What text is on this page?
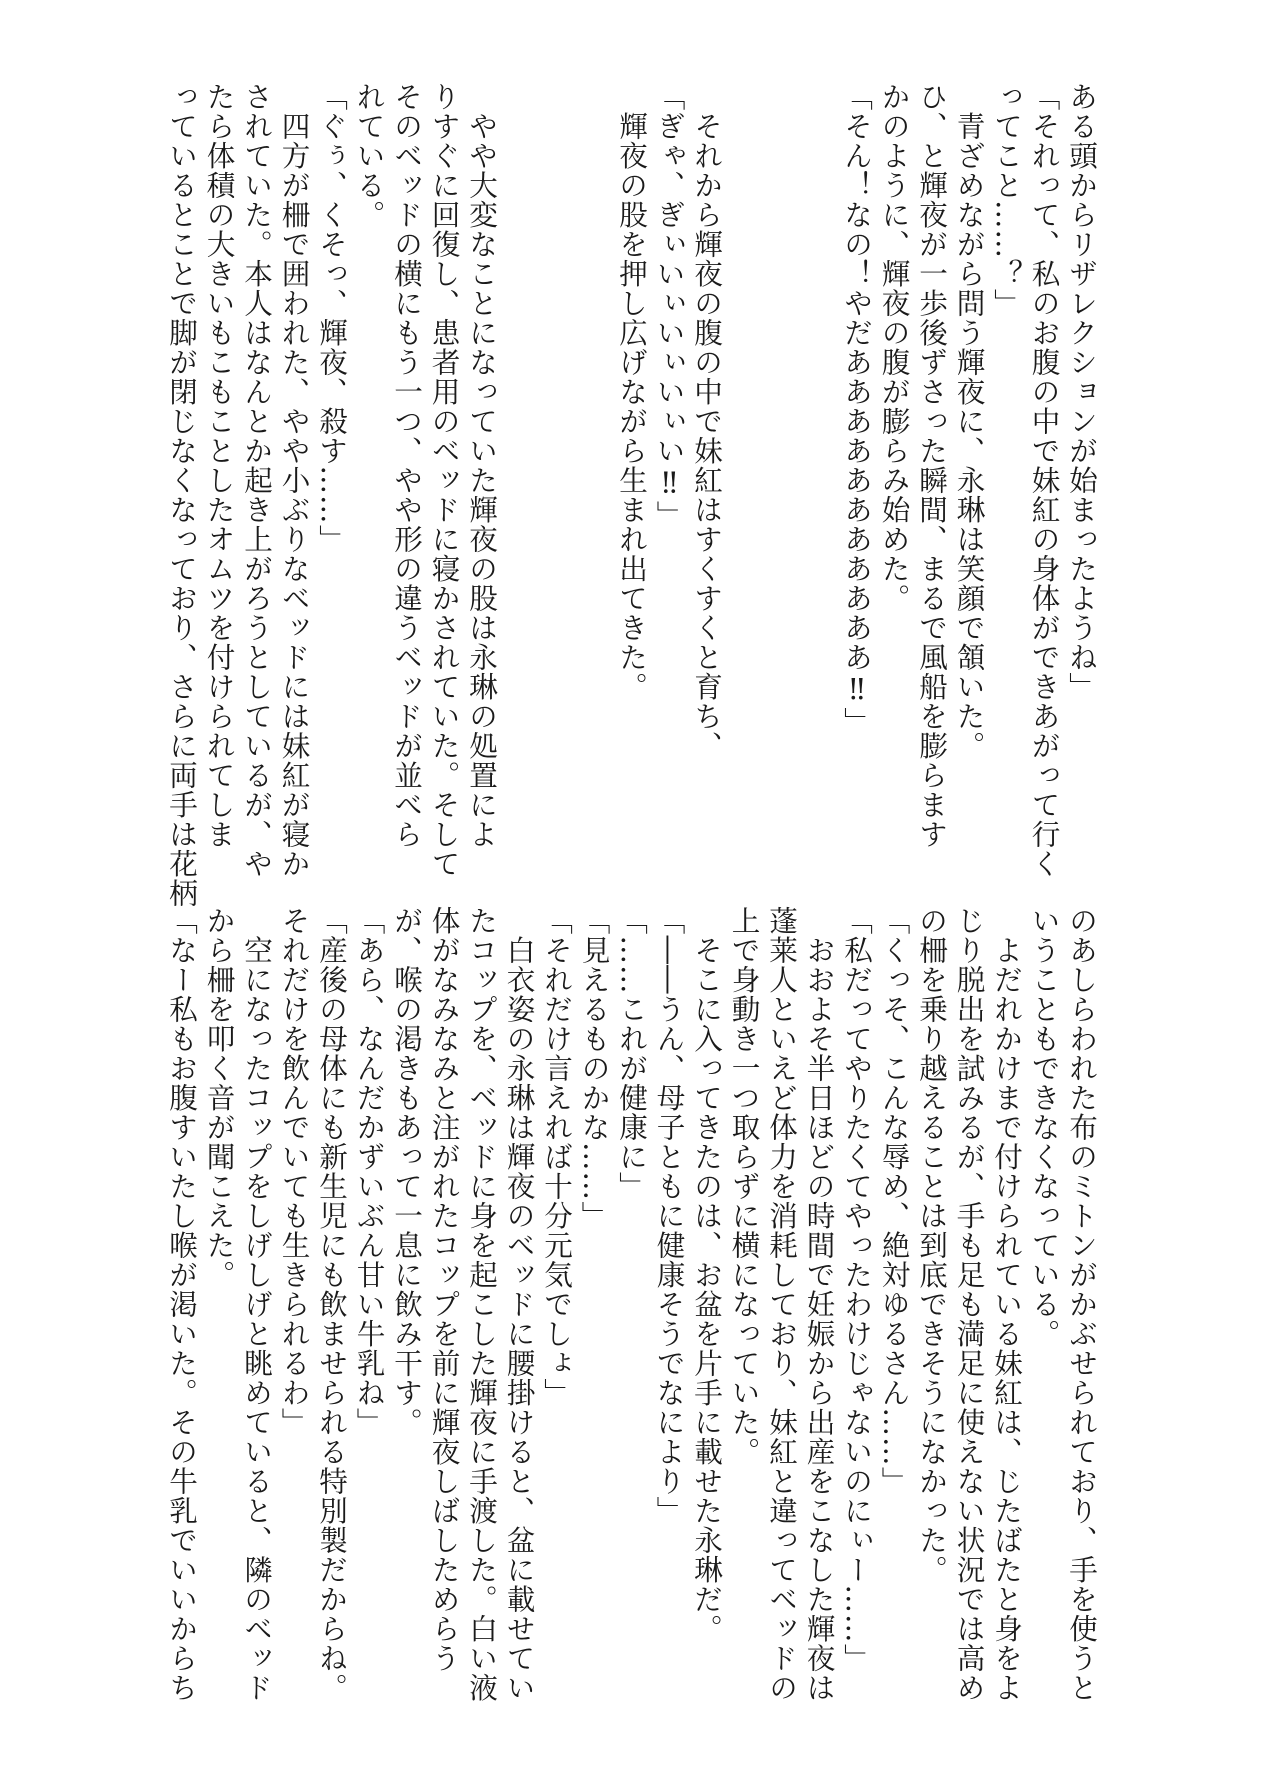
ある頭からリザレクションが始まったようね」

「それって、私のお腹の中で妹紅の身体ができあがって行く

ってこと……？」

　青ざめながら問う輝夜に、永琳は笑顔で頷いた。

ひ、と輝夜が一歩後ずさった瞬間、まるで風船を膨らます

かのように、輝夜の腹が膨らみ始めた。

「そん！なの！やだあああああああああああ‼」

　それから輝夜の腹の中で妹紅はすくすくと育ち、

「ぎゃ、ぎぃいぃいぃいぃい‼」

　輝夜の股を押し広げながら生まれ出てきた。

　やや大変なことになっていた輝夜の股は永琳の処置によ

りすぐに回復し、患者用のベッドに寝かされていた。そして

そのベッドの横にもう一つ、やや形の違うベッドが並べら

れている。

「ぐぅ、くそっ、輝夜、殺す……」

　四方が柵で囲われた、やや小ぶりなベッドには妹紅が寝か

されていた。本人はなんとか起き上がろうとしているが、や

たら体積の大きいもこもことしたオムツを付けられてしま

っているとことで脚が閉じなくなっており、さらに両手は花柄

のあしらわれた布のミトンがかぶせられており、手を使うと

いうこともできなくなっている。

　よだれかけまで付けられている妹紅は、じたばたと身をよ

じり脱出を試みるが、手も足も満足に使えない状況では高め

の柵を乗り越えることは到底できそうになかった。

「くっそ、こんな辱め、絶対ゆるさん……」

「私だってやりたくてやったわけじゃないのにぃー……」

　おおよそ半日ほどの時間で妊娠から出産をこなした輝夜は

蓬莱人といえど体力を消耗しており、妹紅と違ってベッドの

上で身動き一つ取らずに横になっていた。

　そこに入ってきたのは、お盆を片手に載せた永琳だ。

「――うん、母子ともに健康そうでなにより」

「……これが健康に」

「見えるものかな……」

「それだけ言えれば十分元気でしょ」

　白衣姿の永琳は輝夜のベッドに腰掛けると、盆に載せてい

たコップを、ベッドに身を起こした輝夜に手渡した。白い液

体がなみなみと注がれたコップを前に輝夜しばしためらう

が、喉の渇きもあって一息に飲み干す。

「あら、なんだかずいぶん甘い牛乳ね」

「産後の母体にも新生児にも飲ませられる特別製だからね。

それだけを飲んでいても生きられるわ」

　空になったコップをしげしげと眺めていると、隣のベッド

から柵を叩く音が聞こえた。

「なー私もお腹すいたし喉が渇いた。その牛乳でいいからち
